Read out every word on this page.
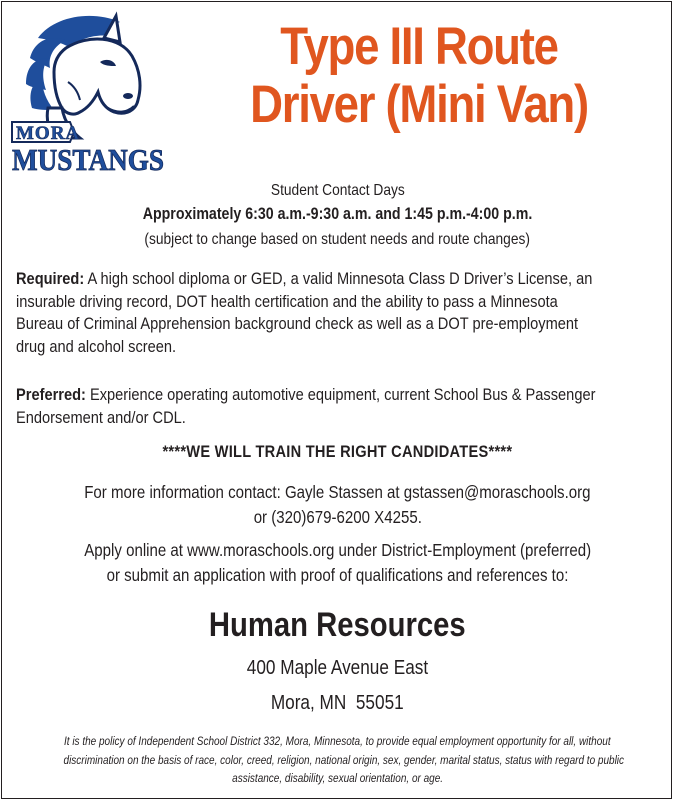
MORA
MUSTANGS
Type III Route
Driver (Mini Van)
Student Contact Days
Approximately 6:30 a.m.-9:30 a.m. and 1:45 p.m.-4:00 p.m.
(subject to change based on student needs and route changes)
Required: A high school diploma or GED, a valid Minnesota Class D Driver’s License, an
insurable driving record, DOT health certification and the ability to pass a Minnesota
Bureau of Criminal Apprehension background check as well as a DOT pre-employment
drug and alcohol screen.
Preferred: Experience operating automotive equipment, current School Bus & Passenger
Endorsement and/or CDL.
****WE WILL TRAIN THE RIGHT CANDIDATES****
For more information contact: Gayle Stassen at gstassen@moraschools.org
or (320)679-6200 X4255.
Apply online at www.moraschools.org under District-Employment (preferred)
or submit an application with proof of qualifications and references to:
Human Resources
400 Maple Avenue East
Mora, MN  55051
It is the policy of Independent School District 332, Mora, Minnesota, to provide equal employment opportunity for all, without
discrimination on the basis of race, color, creed, religion, national origin, sex, gender, marital status, status with regard to public
assistance, disability, sexual orientation, or age.
